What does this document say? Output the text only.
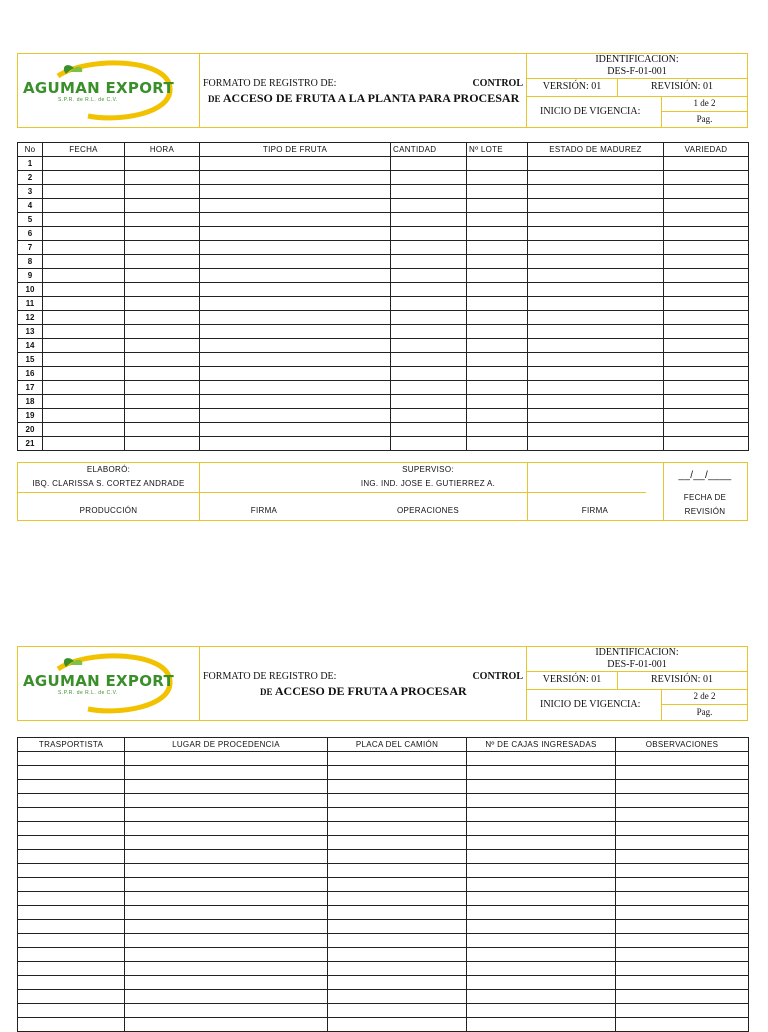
AGUMAN EXPORT
S.P.R. de R.L. de C.V.
FORMATO DE REGISTRO DE:	CONTROL
DE ACCESO DE FRUTA A LA PLANTA PARA PROCESAR
IDENTIFICACION:
DES-F-01-001
VERSIÓN: 01	REVISIÓN: 01
INICIO DE VIGENCIA:
1 de 2
Pag.
No	FECHA	HORA	TIPO DE FRUTA	CANTIDAD	Nº LOTE	ESTADO DE MADUREZ	VARIEDAD
1							
2							
3							
4							
5							
6							
7							
8							
9							
10							
11							
12							
13							
14							
15							
16							
17							
18							
19							
20							
21							
ELABORÓ:
IBQ. CLARISSA S. CORTEZ ANDRADE
PRODUCCIÓN	FIRMA
SUPERVISO:
ING. IND. JOSE E. GUTIERREZ A.
OPERACIONES	FIRMA
__/__/____
FECHA DE
REVISIÓN
AGUMAN EXPORT
S.P.R. de R.L. de C.V.
FORMATO DE REGISTRO DE:	CONTROL
DE ACCESO DE FRUTA A PROCESAR
IDENTIFICACION:
DES-F-01-001
VERSIÓN: 01	REVISIÓN: 01
INICIO DE VIGENCIA:
2 de 2
Pag.
TRASPORTISTA	LUGAR DE PROCEDENCIA	PLACA DEL CAMIÓN	Nº DE CAJAS INGRESADAS	OBSERVACIONES
